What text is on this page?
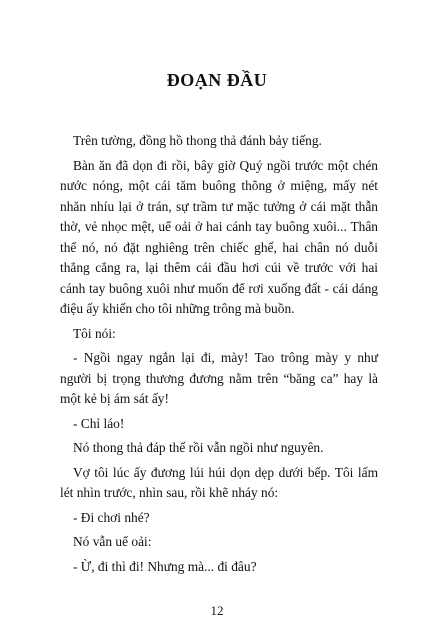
ĐOẠN ĐẦU

Trên tường, đồng hồ thong thả đánh bảy tiếng.

Bàn ăn đã dọn đi rồi, bây giờ Quý ngồi trước một chén nước nóng, một cái tăm buông thõng ở miệng, mấy nét nhăn nhíu lại ở trán, sự trầm tư mặc tưởng ở cái mặt thẫn thờ, vẻ nhọc mệt, uể oải ở hai cánh tay buông xuôi... Thân thể nó, nó đặt nghiêng trên chiếc ghế, hai chân nó duỗi thẳng cẳng ra, lại thêm cái đầu hơi cúi về trước với hai cánh tay buông xuôi như muốn để rơi xuống đất - cái dáng điệu ấy khiến cho tôi những trông mà buồn.

Tôi nói:

- Ngồi ngay ngắn lại đi, mày! Tao trông mày y như người bị trọng thương đương nằm trên “băng ca” hay là một kẻ bị ám sát ấy!

- Chỉ láo!

Nó thong thả đáp thế rồi vẫn ngồi như nguyên.

Vợ tôi lúc ấy đương lúi húi dọn dẹp dưới bếp. Tôi lấm lét nhìn trước, nhìn sau, rồi khẽ nháy nó:

- Đi chơi nhé?

Nó vẫn uể oải:

- Ừ, đi thì đi! Nhưng mà... đi đâu?

12
